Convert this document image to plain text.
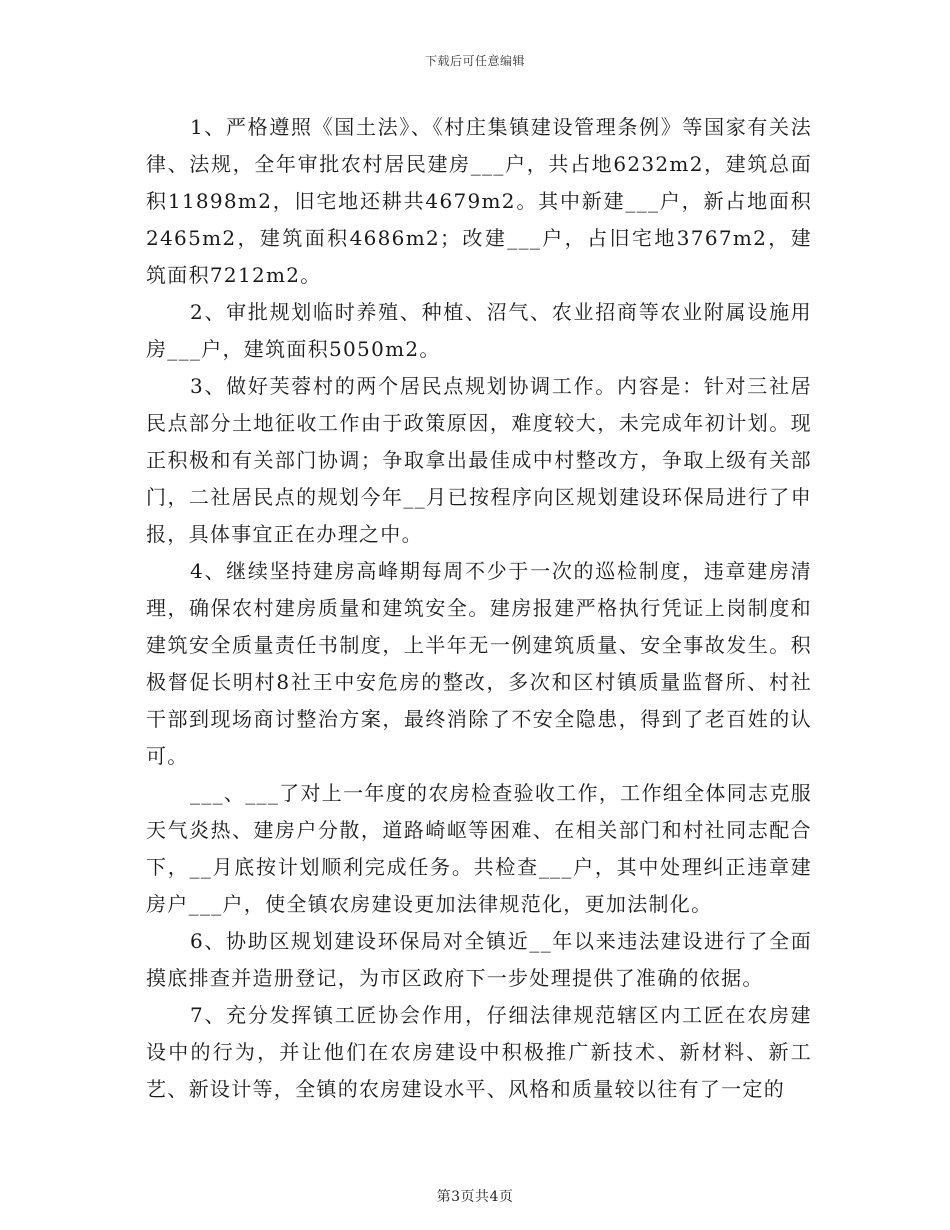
下载后可任意编辑

1、严格遵照《国土法》、《村庄集镇建设管理条例》等国家有关法律、法规，全年审批农村居民建房___户，共占地6232m2，建筑总面积11898m2，旧宅地还耕共4679m2。其中新建___户，新占地面积2465m2，建筑面积4686m2；改建___户，占旧宅地3767m2，建筑面积7212m2。

2、审批规划临时养殖、种植、沼气、农业招商等农业附属设施用房___户，建筑面积5050m2。

3、做好芙蓉村的两个居民点规划协调工作。内容是：针对三社居民点部分土地征收工作由于政策原因，难度较大，未完成年初计划。现正积极和有关部门协调；争取拿出最佳成中村整改方，争取上级有关部门，二社居民点的规划今年__月已按程序向区规划建设环保局进行了申报，具体事宜正在办理之中。

4、继续坚持建房高峰期每周不少于一次的巡检制度，违章建房清理，确保农村建房质量和建筑安全。建房报建严格执行凭证上岗制度和建筑安全质量责任书制度，上半年无一例建筑质量、安全事故发生。积极督促长明村8社王中安危房的整改，多次和区村镇质量监督所、村社干部到现场商讨整治方案，最终消除了不安全隐患，得到了老百姓的认可。

___、___了对上一年度的农房检查验收工作，工作组全体同志克服天气炎热、建房户分散，道路崎岖等困难、在相关部门和村社同志配合下，__月底按计划顺利完成任务。共检查___户，其中处理纠正违章建房户___户，使全镇农房建设更加法律规范化，更加法制化。

6、协助区规划建设环保局对全镇近__年以来违法建设进行了全面摸底排查并造册登记，为市区政府下一步处理提供了准确的依据。

7、充分发挥镇工匠协会作用，仔细法律规范辖区内工匠在农房建设中的行为，并让他们在农房建设中积极推广新技术、新材料、新工艺、新设计等，全镇的农房建设水平、风格和质量较以往有了一定的

第3页共4页
